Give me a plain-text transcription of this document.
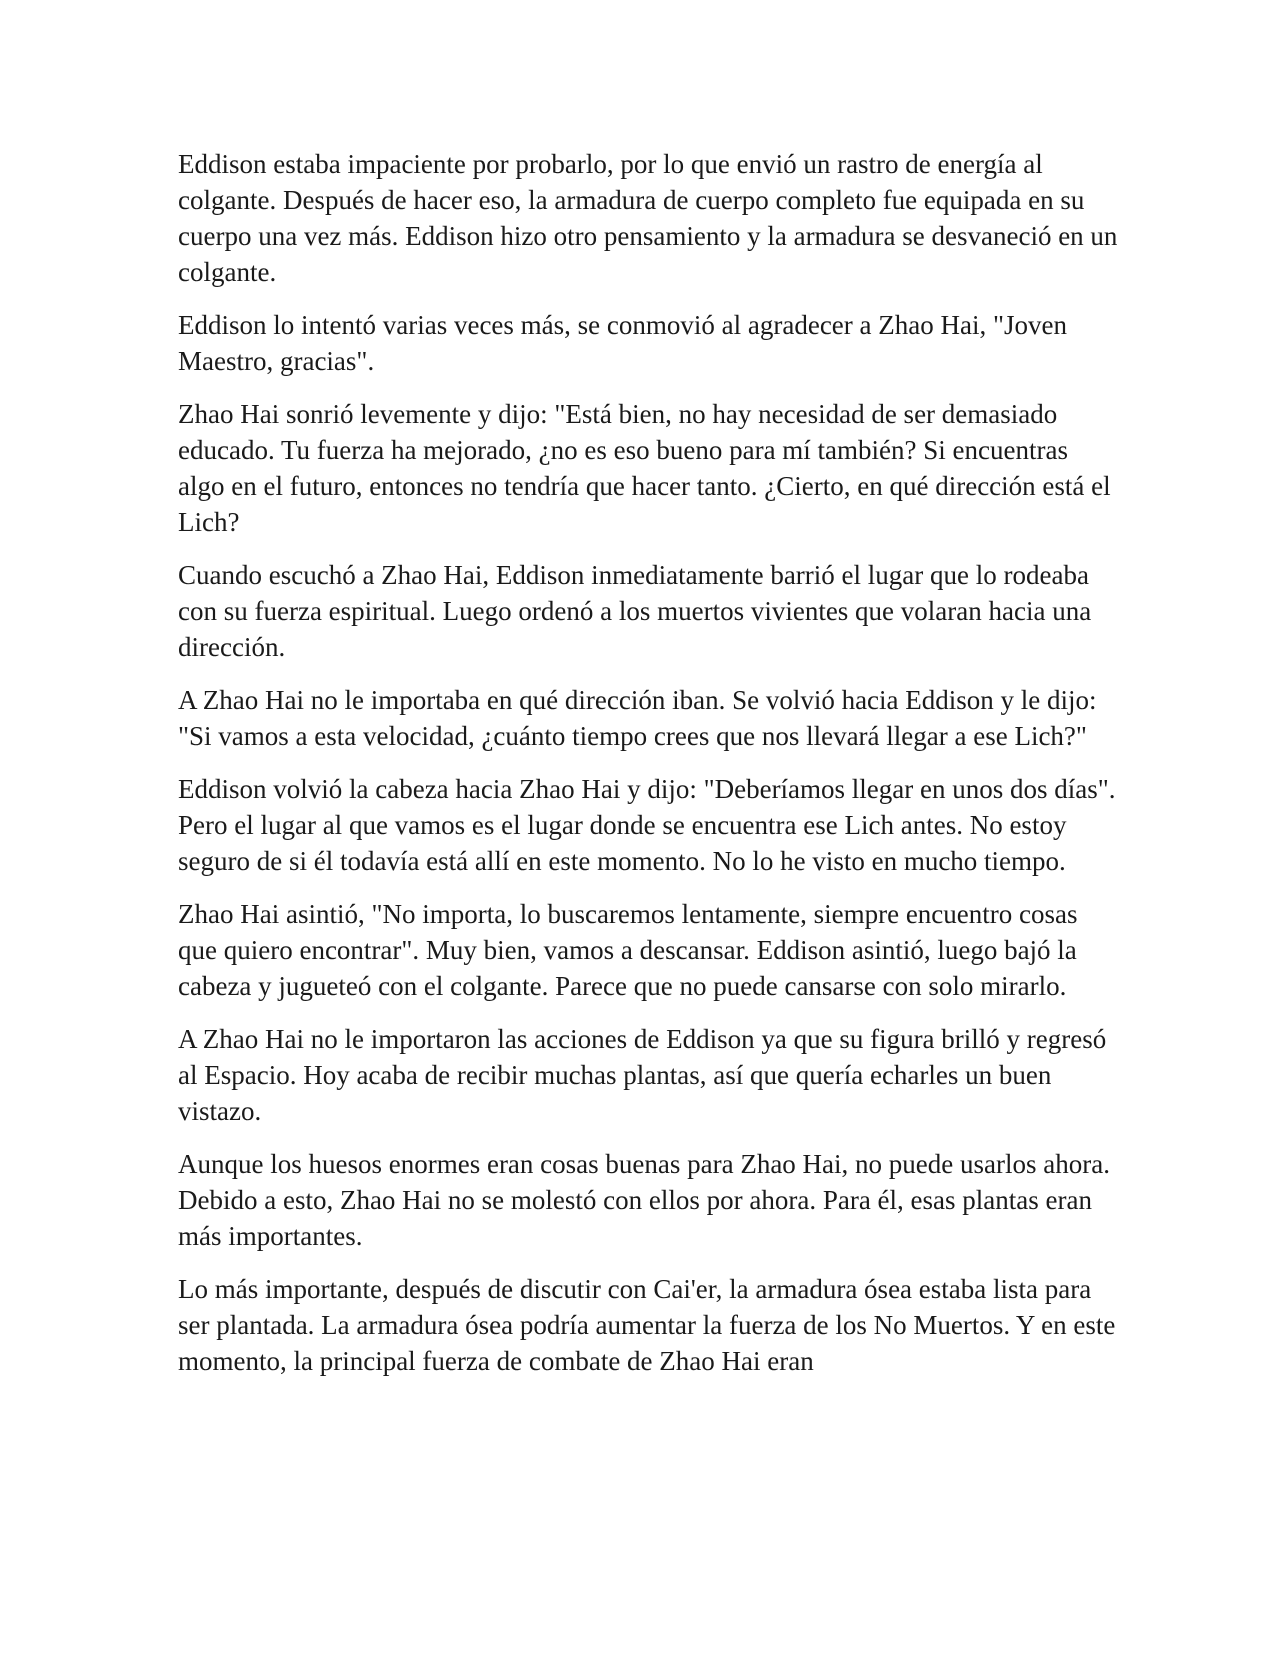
Eddison estaba impaciente por probarlo, por lo que envió un rastro de energía al colgante. Después de hacer eso, la armadura de cuerpo completo fue equipada en su cuerpo una vez más. Eddison hizo otro pensamiento y la armadura se desvaneció en un colgante.

Eddison lo intentó varias veces más, se conmovió al agradecer a Zhao Hai, "Joven Maestro, gracias".

Zhao Hai sonrió levemente y dijo: "Está bien, no hay necesidad de ser demasiado educado. Tu fuerza ha mejorado, ¿no es eso bueno para mí también? Si encuentras algo en el futuro, entonces no tendría que hacer tanto. ¿Cierto, en qué dirección está el Lich?

Cuando escuchó a Zhao Hai, Eddison inmediatamente barrió el lugar que lo rodeaba con su fuerza espiritual. Luego ordenó a los muertos vivientes que volaran hacia una dirección.

A Zhao Hai no le importaba en qué dirección iban. Se volvió hacia Eddison y le dijo: "Si vamos a esta velocidad, ¿cuánto tiempo crees que nos llevará llegar a ese Lich?"

Eddison volvió la cabeza hacia Zhao Hai y dijo: "Deberíamos llegar en unos dos días". Pero el lugar al que vamos es el lugar donde se encuentra ese Lich antes. No estoy seguro de si él todavía está allí en este momento. No lo he visto en mucho tiempo.

Zhao Hai asintió, "No importa, lo buscaremos lentamente, siempre encuentro cosas que quiero encontrar". Muy bien, vamos a descansar. Eddison asintió, luego bajó la cabeza y jugueteó con el colgante. Parece que no puede cansarse con solo mirarlo.

A Zhao Hai no le importaron las acciones de Eddison ya que su figura brilló y regresó al Espacio. Hoy acaba de recibir muchas plantas, así que quería echarles un buen vistazo.

Aunque los huesos enormes eran cosas buenas para Zhao Hai, no puede usarlos ahora. Debido a esto, Zhao Hai no se molestó con ellos por ahora. Para él, esas plantas eran más importantes.

Lo más importante, después de discutir con Cai'er, la armadura ósea estaba lista para ser plantada. La armadura ósea podría aumentar la fuerza de los No Muertos. Y en este momento, la principal fuerza de combate de Zhao Hai eran
